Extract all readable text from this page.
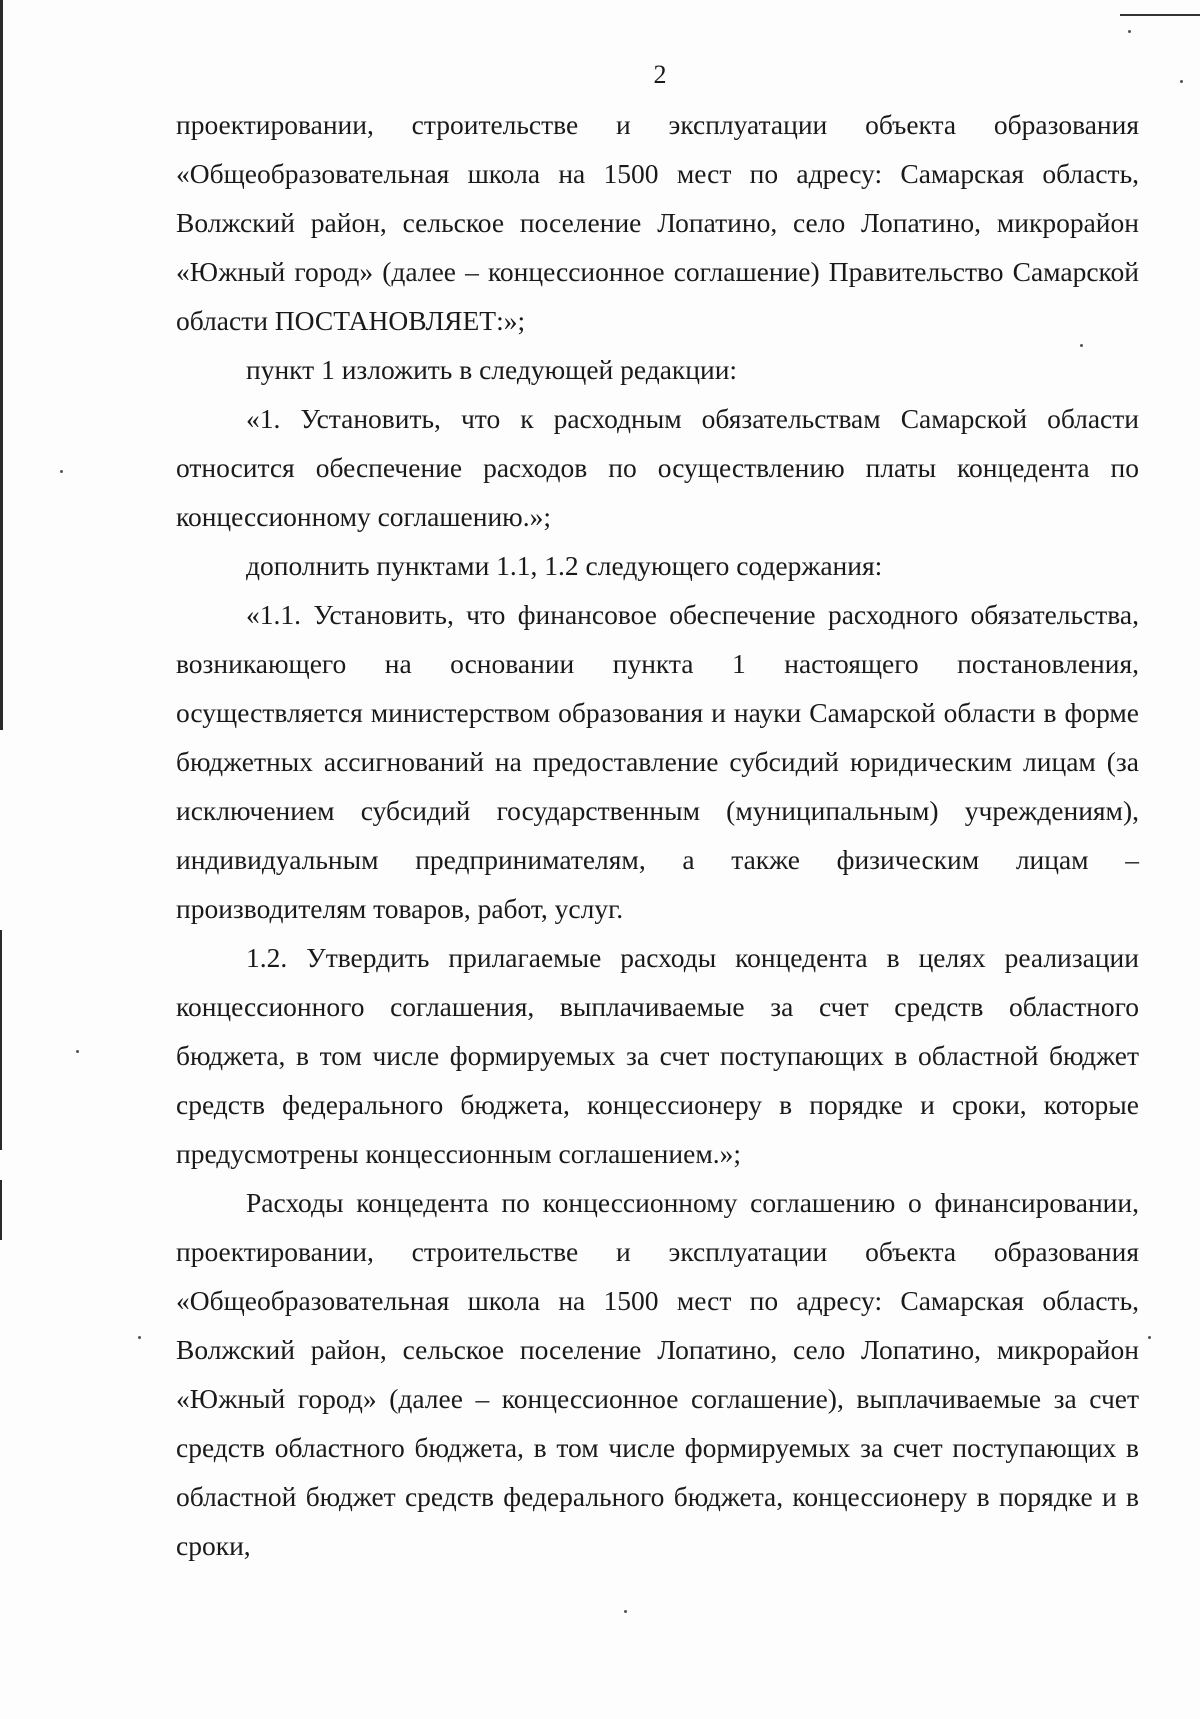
2

проектировании, строительстве и эксплуатации объекта образования «Общеобразовательная школа на 1500 мест по адресу: Самарская область, Волжский район, сельское поселение Лопатино, село Лопатино, микрорайон «Южный город» (далее – концессионное соглашение) Правительство Самарской области ПОСТАНОВЛЯЕТ:»;

пункт 1 изложить в следующей редакции:

«1. Установить, что к расходным обязательствам Самарской области относится обеспечение расходов по осуществлению платы концедента по концессионному соглашению.»;

дополнить пунктами 1.1, 1.2 следующего содержания:

«1.1. Установить, что финансовое обеспечение расходного обязательства, возникающего на основании пункта 1 настоящего постановления, осуществляется министерством образования и науки Самарской области в форме бюджетных ассигнований на предоставление субсидий юридическим лицам (за исключением субсидий государственным (муниципальным) учреждениям), индивидуальным предпринимателям, а также физическим лицам – производителям товаров, работ, услуг.

1.2. Утвердить прилагаемые расходы концедента в целях реализации концессионного соглашения, выплачиваемые за счет средств областного бюджета, в том числе формируемых за счет поступающих в областной бюджет средств федерального бюджета, концессионеру в порядке и сроки, которые предусмотрены концессионным соглашением.»;

Расходы концедента по концессионному соглашению о финансировании, проектировании, строительстве и эксплуатации объекта образования «Общеобразовательная школа на 1500 мест по адресу: Самарская область, Волжский район, сельское поселение Лопатино, село Лопатино, микрорайон «Южный город» (далее – концессионное соглашение), выплачиваемые за счет средств областного бюджета, в том числе формируемых за счет поступающих в областной бюджет средств федерального бюджета, концессионеру в порядке и в сроки,
